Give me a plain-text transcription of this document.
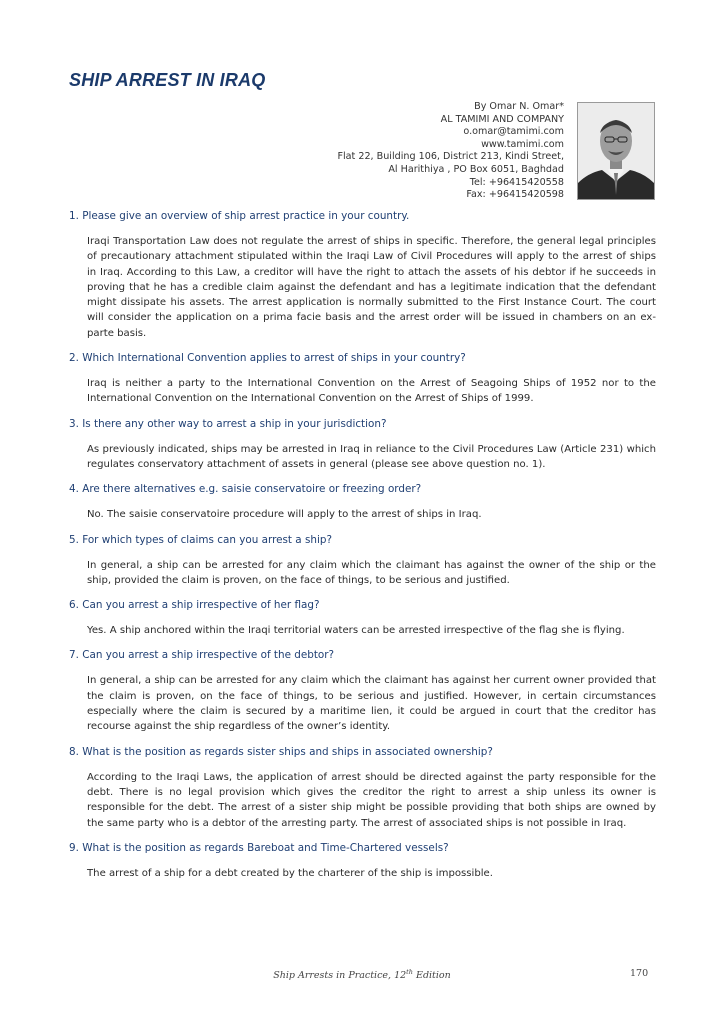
SHIP ARREST IN IRAQ
By Omar N. Omar*
AL TAMIMI AND COMPANY
o.omar@tamimi.com
www.tamimi.com
Flat 22, Building 106, District 213, Kindi Street,
Al Harithiya , PO Box 6051, Baghdad
Tel: +96415420558
Fax: +96415420598
1. Please give an overview of ship arrest practice in your country.
Iraqi Transportation Law does not regulate the arrest of ships in specific. Therefore, the general legal principles of precautionary attachment stipulated within the Iraqi Law of Civil Procedures will apply to the arrest of ships in Iraq. According to this Law, a creditor will have the right to attach the assets of his debtor if he succeeds in proving that he has a credible claim against the defendant and has a legitimate indication that the defendant might dissipate his assets. The arrest application is normally submitted to the First Instance Court. The court will consider the application on a prima facie basis and the arrest order will be issued in chambers on an ex-parte basis.
2. Which International Convention applies to arrest of ships in your country?
Iraq is neither a party to the International Convention on the Arrest of Seagoing Ships of 1952 nor to the International Convention on the International Convention on the Arrest of Ships of 1999.
3. Is there any other way to arrest a ship in your jurisdiction?
As previously indicated, ships may be arrested in Iraq in reliance to the Civil Procedures Law (Article 231) which regulates conservatory attachment of assets in general (please see above question no. 1).
4. Are there alternatives e.g. saisie conservatoire or freezing order?
No. The saisie conservatoire procedure will apply to the arrest of ships in Iraq.
5. For which types of claims can you arrest a ship?
In general, a ship can be arrested for any claim which the claimant has against the owner of the ship or the ship, provided the claim is proven, on the face of things, to be serious and justified.
6. Can you arrest a ship irrespective of her flag?
Yes. A ship anchored within the Iraqi territorial waters can be arrested irrespective of the flag she is flying.
7. Can you arrest a ship irrespective of the debtor?
In general, a ship can be arrested for any claim which the claimant has against her current owner provided that the claim is proven, on the face of things, to be serious and justified. However, in certain circumstances especially where the claim is secured by a maritime lien, it could be argued in court that the creditor has recourse against the ship regardless of the owner’s identity.
8. What is the position as regards sister ships and ships in associated ownership?
According to the Iraqi Laws, the application of arrest should be directed against the party responsible for the debt. There is no legal provision which gives the creditor the right to arrest a ship unless its owner is responsible for the debt. The arrest of a sister ship might be possible providing that both ships are owned by the same party who is a debtor of the arresting party. The arrest of associated ships is not possible in Iraq.
9. What is the position as regards Bareboat and Time-Chartered vessels?
The arrest of a ship for a debt created by the charterer of the ship is impossible.
Ship Arrests in Practice, 12th Edition	170
